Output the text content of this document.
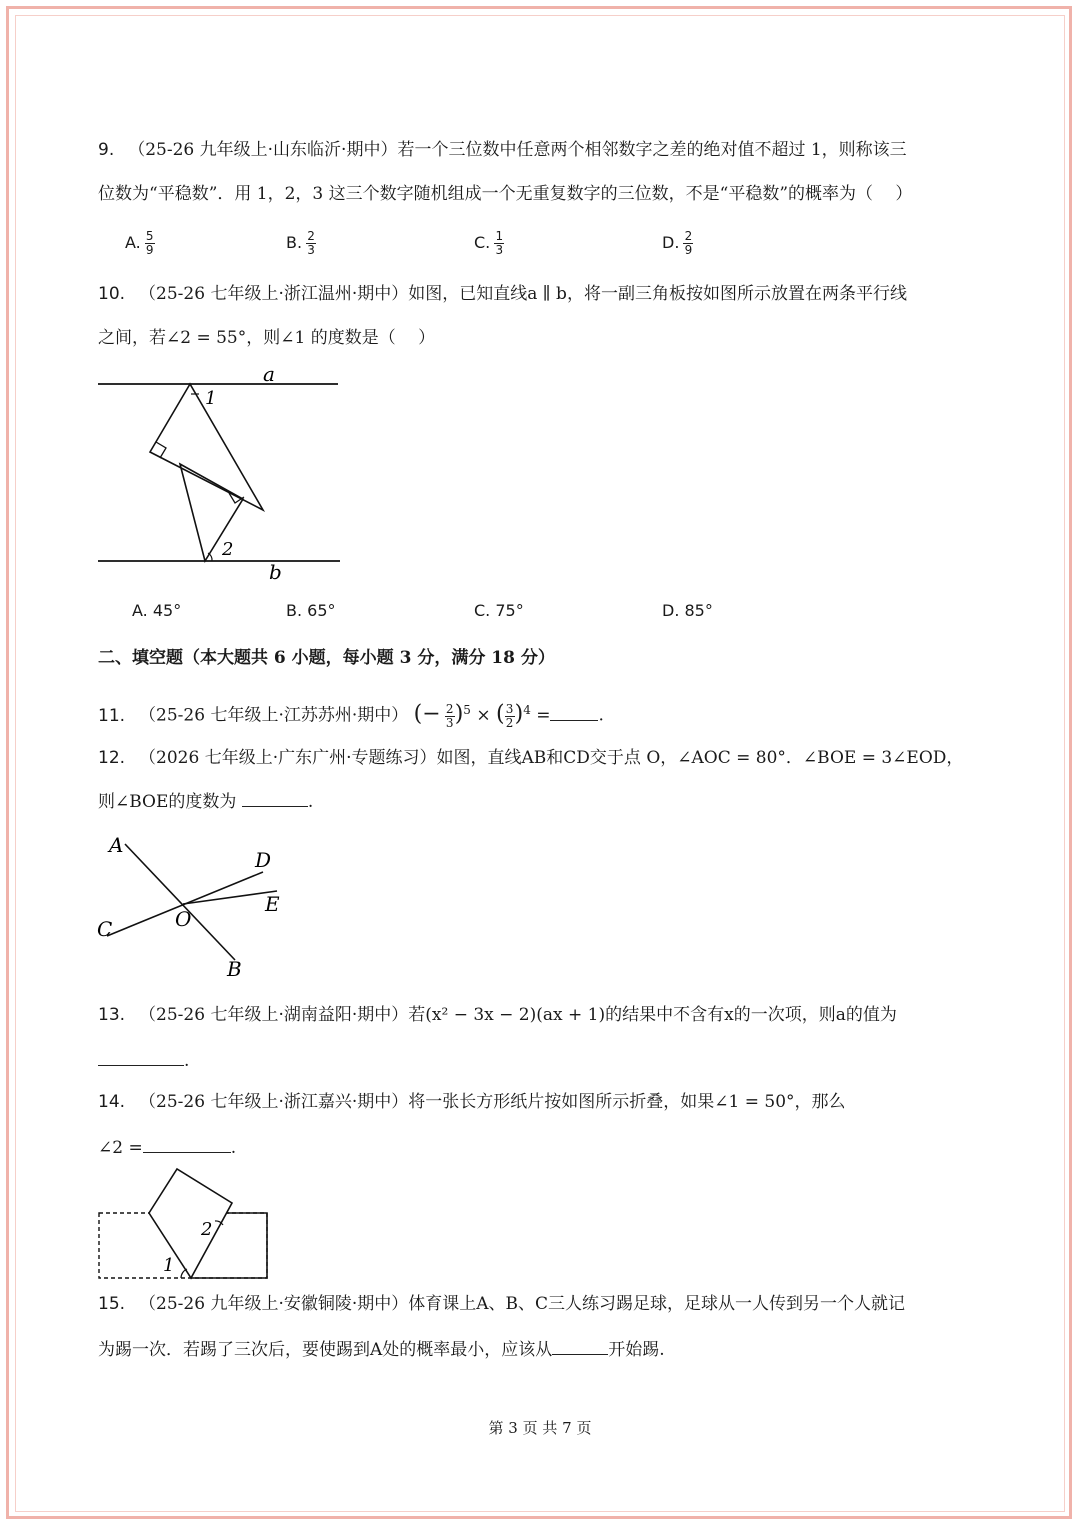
9. （25-26 九年级上·山东临沂·期中）若一个三位数中任意两个相邻数字之差的绝对值不超过 1，则称该三
位数为“平稳数”．用 1，2，3 这三个数字随机组成一个无重复数字的三位数，不是“平稳数”的概率为（　 ）
A. $\frac{5}{9}$	B. $\frac{2}{3}$	C. $\frac{1}{3}$	D. $\frac{2}{9}$
10. （25-26 七年级上·浙江温州·期中）如图，已知直线a ∥ b，将一副三角板按如图所示放置在两条平行线
之间，若∠2 = 55°，则∠1 的度数是（　 ）
a
b
1
2
A. 45°	B. 65°	C. 75°	D. 85°
二、填空题（本大题共 6 小题，每小题 3 分，满分 18 分）
11. （25-26 七年级上·江苏苏州·期中） (− $\frac{2}{3} )^5$ × ( $\frac{3}{2} )^4$ =	.
12. （2026 七年级上·广东广州·专题练习）如图，直线AB和CD交于点 O，∠AOC = 80°．∠BOE = 3∠EOD，
则∠BOE的度数为	.
A
D
E
O
C
B
13. （25-26 七年级上·湖南益阳·期中）若(x² − 3x − 2)(ax + 1)的结果中不含有x的一次项，则a的值为
.
14. （25-26 七年级上·浙江嘉兴·期中）将一张长方形纸片按如图所示折叠，如果∠1 = 50°，那么
∠2 =	.
1
2
15. （25-26 九年级上·安徽铜陵·期中）体育课上A、B、C三人练习踢足球，足球从一人传到另一个人就记
为踢一次．若踢了三次后，要使踢到A处的概率最小，应该从	开始踢.
第 3 页 共 7 页
